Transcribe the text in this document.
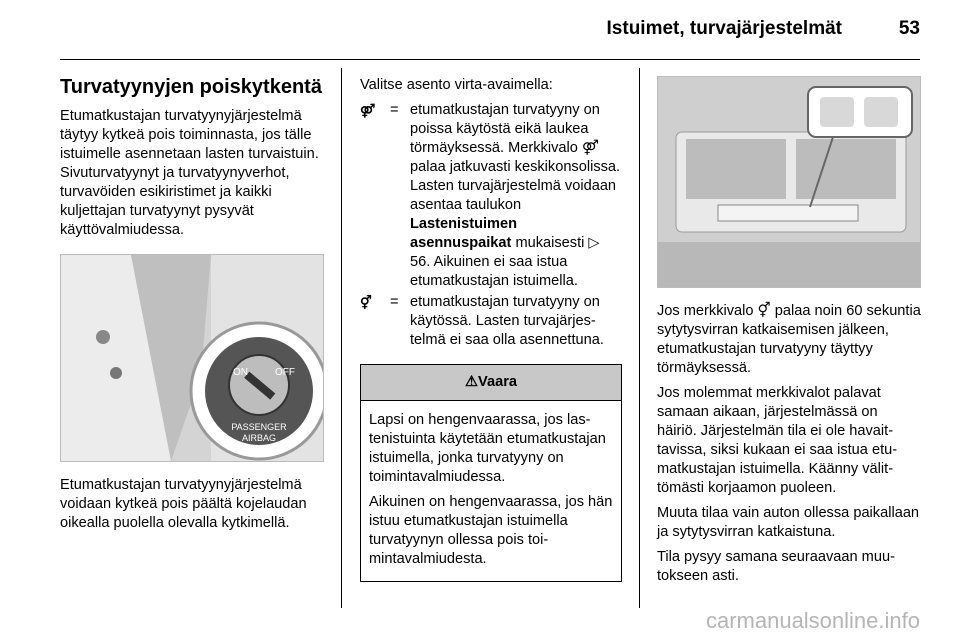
Istuimet, turvajärjestelmät	53
Turvatyynyjen poiskytkentä

Etumatkustajan turvatyynyjärjestelmä täytyy kytkeä pois toiminnasta, jos tälle istuimelle asennetaan lasten turvaistuin. Sivuturvatyynyt ja turvatyynyverhot, turvavöiden esikiristimet ja kaikki kuljettajan turvatyynyt pysyvät käyttövalmiudessa.

ON	OFF
PASSENGER
AIRBAG

Etumatkustajan turvatyynyjärjestelmä voidaan kytkeä pois päältä kojelaudan oikealla puolella olevalla kytkimellä.

Valitse asento virta-avaimella:

⚤	= etumatkustajan turvatyyny on poissa käytöstä eikä laukea törmäyksessä. Merkkivalo ⚤ palaa jatkuvasti keskikonsolissa. Lasten turvajärjestelmä voidaan asentaa taulukon Lastenistuimen asennuspaikat mukaisesti ▷ 56. Aikuinen ei saa istua etumatkustajan istuimella.
⚥	= etumatkustajan turvatyyny on käytössä. Lasten turvajärjestelmä ei saa olla asennettuna.
⚠Vaara

Lapsi on hengenvaarassa, jos lastenistuinta käytetään etumatkustajan istuimella, jonka turvatyyny on toimintavalmiudessa.

Aikuinen on hengenvaarassa, jos hän istuu etumatkustajan istuimella turvatyynyn ollessa pois toimintavalmiudesta.

Jos merkkivalo ⚥ palaa noin 60 sekuntia sytytysvirran katkaisemisen jälkeen, etumatkustajan turvatyyny täyttyy törmäyksessä.

Jos molemmat merkkivalot palavat samaan aikaan, järjestelmässä on häiriö. Järjestelmän tila ei ole havaittavissa, siksi kukaan ei saa istua etumatkustajan istuimella. Käänny välittömästi korjaamon puoleen.

Muuta tilaa vain auton ollessa paikallaan ja sytytysvirran katkaistuna.

Tila pysyy samana seuraavaan muutokseen asti.

carmanualsonline.info
